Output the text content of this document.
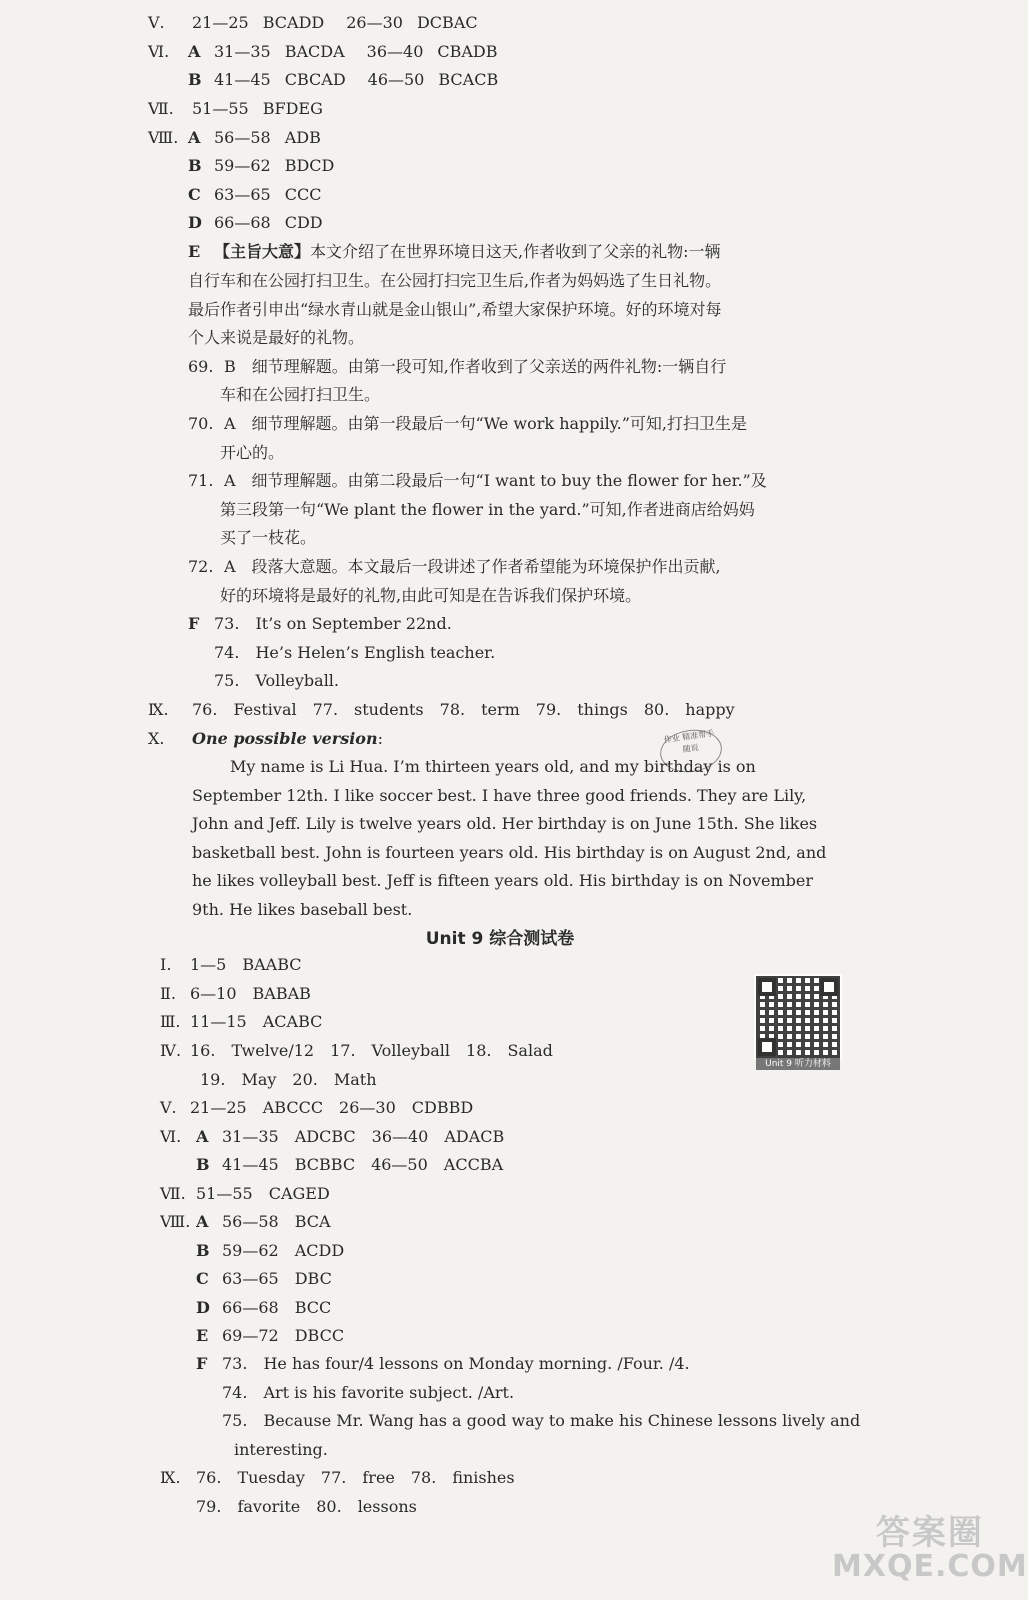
Ⅴ. 21—25 BCADD 26—30 DCBAC
Ⅵ. A 31—35 BACDA 36—40 CBADB
B 41—45 CBCAD 46—50 BCACB
Ⅶ. 51—55 BFDEG
Ⅷ. A 56—58 ADB
B 59—62 BDCD
C 63—65 CCC
D 66—68 CDD
E 【主旨大意】本文介绍了在世界环境日这天,作者收到了父亲的礼物:一辆
自行车和在公园打扫卫生。在公园打扫完卫生后,作者为妈妈选了生日礼物。
最后作者引申出“绿水青山就是金山银山”,希望大家保护环境。好的环境对每
个人来说是最好的礼物。
69. B　细节理解题。由第一段可知,作者收到了父亲送的两件礼物:一辆自行
车和在公园打扫卫生。
70. A　细节理解题。由第一段最后一句“We work happily.”可知,打扫卫生是
开心的。
71. A　细节理解题。由第二段最后一句“I want to buy the flower for her.”及
第三段第一句“We plant the flower in the yard.”可知,作者进商店给妈妈
买了一枝花。
72. A　段落大意题。本文最后一段讲述了作者希望能为环境保护作出贡献,
好的环境将是最好的礼物,由此可知是在告诉我们保护环境。
F 73.　It’s on September 22nd.
74.　He’s Helen’s English teacher.
75.　Volleyball.
Ⅸ. 76.　Festival　77.　students　78.　term　79.　things　80.　happy
作业 精准帮手 随说
Ⅹ. One possible version:
My name is Li Hua. I’m thirteen years old, and my birthday is on
September 12th. I like soccer best. I have three good friends. They are Lily,
John and Jeff. Lily is twelve years old. Her birthday is on June 15th. She likes
basketball best. John is fourteen years old. His birthday is on August 2nd, and
he likes volleyball best. Jeff is fifteen years old. His birthday is on November
9th. He likes baseball best.
Unit 9 综合测试卷
Unit 9 听力材料
Ⅰ. 1—5　BAABC
Ⅱ. 6—10　BABAB
Ⅲ. 11—15　ACABC
Ⅳ. 16.　Twelve/12　17.　Volleyball　18.　Salad
19.　May　20.　Math
Ⅴ. 21—25　ABCCC　26—30　CDBBD
Ⅵ. A 31—35　ADCBC　36—40　ADACB
B 41—45　BCBBC　46—50　ACCBA
Ⅶ. 51—55　CAGED
Ⅷ. A 56—58　BCA
B 59—62　ACDD
C 63—65　DBC
D 66—68　BCC
E 69—72　DBCC
F 73.　He has four/4 lessons on Monday morning. /Four. /4.
74.　Art is his favorite subject. /Art.
75.　Because Mr. Wang has a good way to make his Chinese lessons lively and
interesting.
Ⅸ. 76.　Tuesday　77.　free　78.　finishes
79.　favorite　80.　lessons
答案圈
MXQE.COM
